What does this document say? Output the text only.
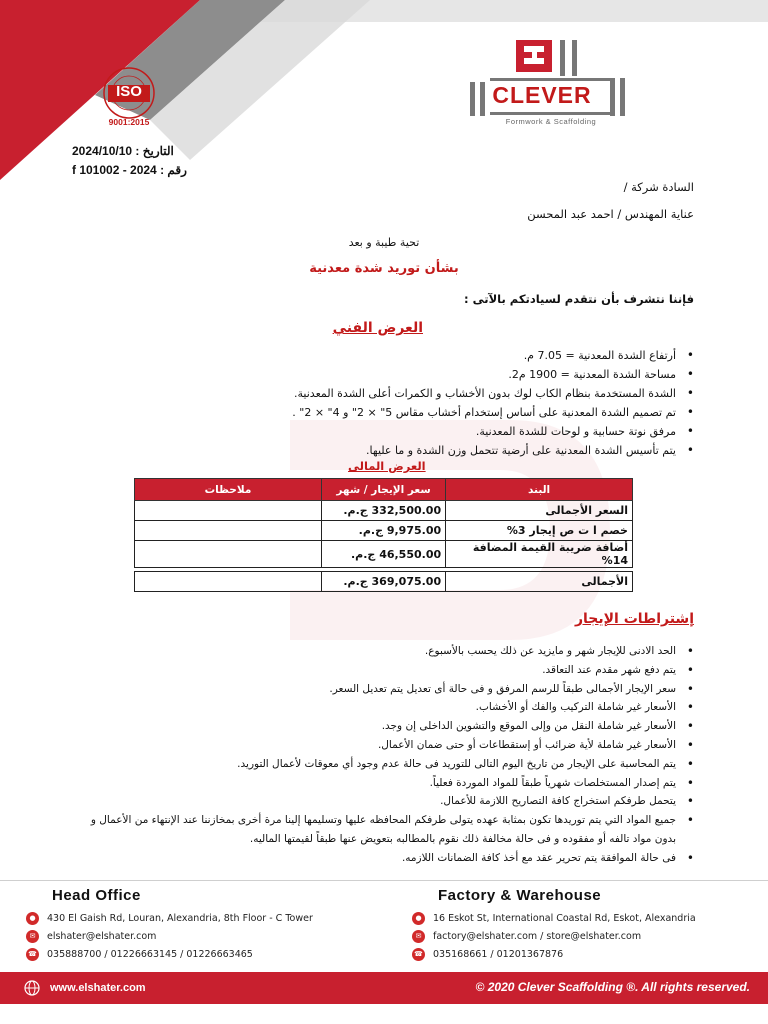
ISO
9001:2015
CLEVER
Formwork & Scaffolding
التاريخ : 2024/10/10
رقم : f 101002 - 2024
السادة شركة /
عناية المهندس / احمد عبد المحسن
تحية طيبة و بعد
بشأن توريد شدة معدنية
فإننا نتشرف بأن نتقدم لسيادتكم بالآتى :
العرض الفني
• أرتفاع الشدة المعدنية = 7.05 م.
• مساحة الشدة المعدنية = 1900 م2.
• الشدة المستخدمة بنظام الكاب لوك بدون الأخشاب و الكمرات أعلى الشدة المعدنية.
• تم تصميم الشدة المعدنية على أساس إستخدام أخشاب مقاس 5" × 2" و 4" × 2" .
• مرفق نوتة حسابية و لوحات للشدة المعدنية.
• يتم تأسيس الشدة المعدنية على أرضية تتحمل وزن الشدة و ما عليها.
العرض المالى
البند	سعر الإيجار / شهر	ملاحظات
السعر الأجمالى	332,500.00 ج.م.	
خصم ا ت ص إيجار 3%	9,975.00 ج.م.	
أضافة ضريبة القيمة المضافة 14%	46,550.00 ج.م.	

الأجمالى	369,075.00 ج.م.	
إشتراطات الإيجار
• الحد الادنى للإيجار شهر و مايزيد عن ذلك يحسب بالأسبوع.
• يتم دفع شهر مقدم عند التعاقد.
• سعر الإيجار الأجمالى طبقاً للرسم المرفق و فى حالة أى تعديل يتم تعديل السعر.
• الأسعار غير شاملة التركيب والفك أو الأخشاب.
• الأسعار غير شاملة النقل من وإلى الموقع والتشوين الداخلى إن وجد.
• الأسعار غير شاملة لأية ضرائب أو إستقطاعات أو حتى ضمان الأعمال.
• يتم المحاسبة على الإيجار من تاريخ اليوم التالى للتوريد فى حالة عدم وجود أي معوقات لأعمال التوريد.
• يتم إصدار المستخلصات شهرياً طبقاً للمواد الموردة فعلياً.
• يتحمل طرفكم استخراج كافة التصاريح اللازمة للأعمال.
• جميع المواد التي يتم توريدها تكون بمثابة عهده يتولى طرفكم المحافظه عليها وتسليمها إلينا مرة أخرى بمخازننا عند الإنتهاء من الأعمال و بدون مواد تالفه أو مفقوده و فى حالة مخالفة ذلك نقوم بالمطالبه بتعويض عنها طبقاً لقيمتها الماليه.
• فى حالة الموافقة يتم تحرير عقد مع أخذ كافة الضمانات اللازمه.
Head Office
●	430 El Gaish Rd, Louran, Alexandria, 8th Floor - C Tower
✉	elshater@elshater.com
☎ 035888700 / 01226663145 / 01226663465
Factory & Warehouse
●	16 Eskot St, International Coastal Rd, Eskot, Alexandria
✉	factory@elshater.com / store@elshater.com
☎ 035168661 / 01201367876
www.elshater.com	© 2020 Clever Scaffolding ®. All rights reserved.
